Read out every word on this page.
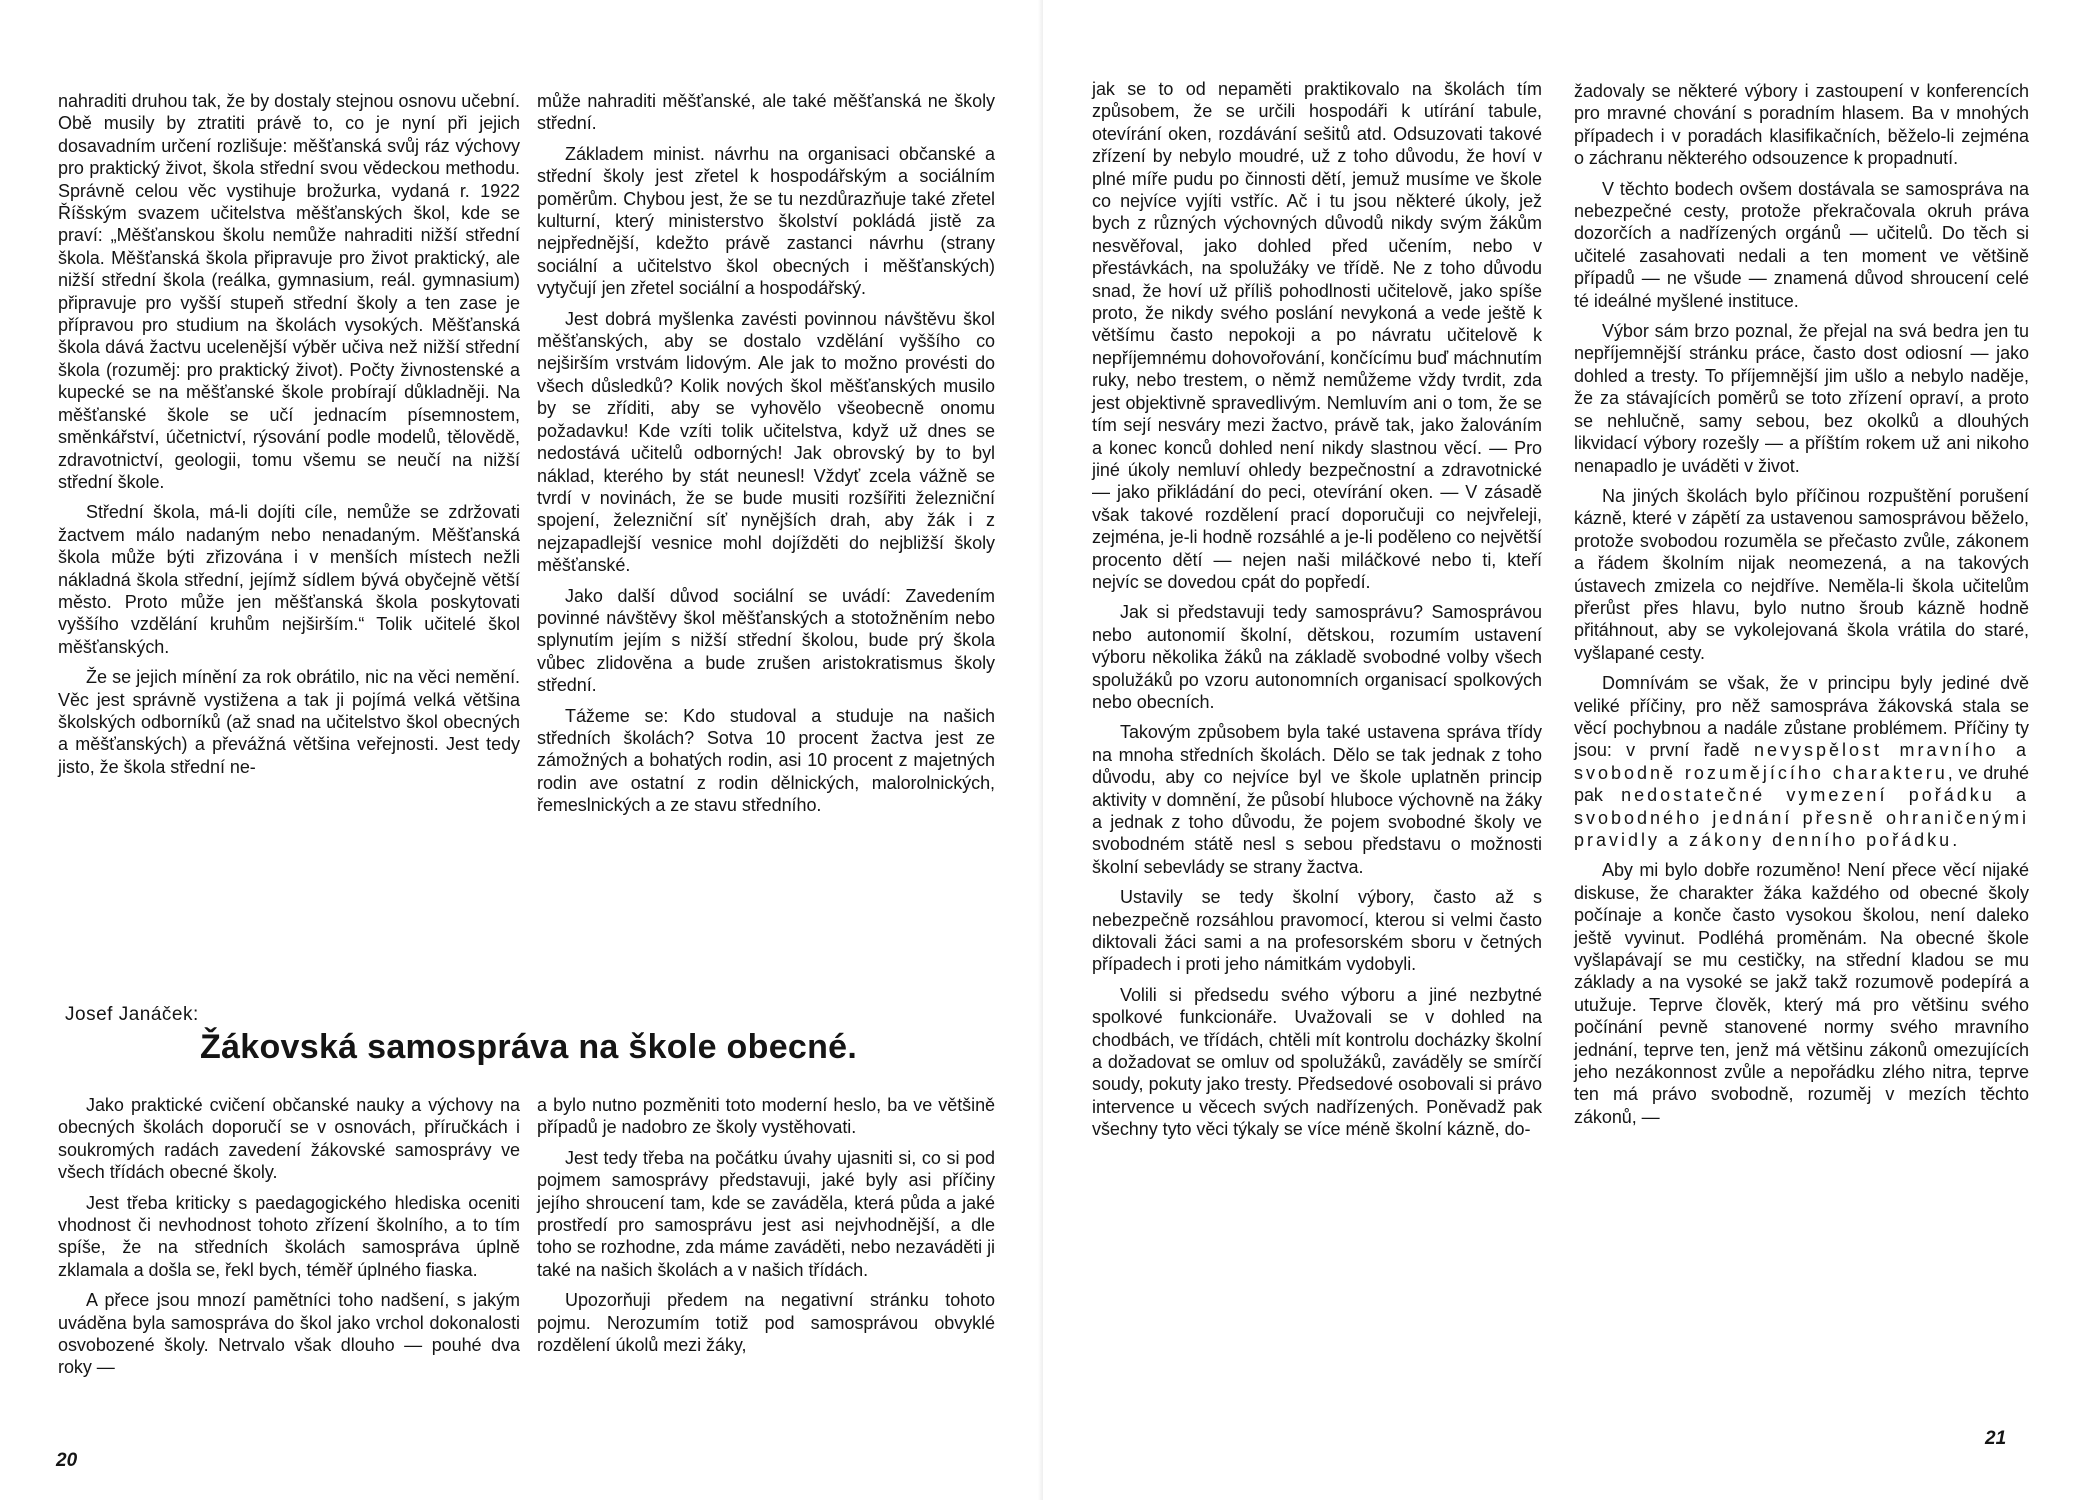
nahraditi druhou tak, že by dostaly stejnou osnovu učební. Obě musily by ztratiti právě to, co je nyní při jejich dosavadním určení rozlišuje: měšťanská svůj ráz výchovy pro praktický život, škola střední svou vědeckou methodu. Správně celou věc vystihuje brožurka, vydaná r. 1922 Říšským svazem učitelstva měšťanských škol, kde se praví: „Měšťanskou školu nemůže nahraditi nižší střední škola. Měšťanská škola připravuje pro život praktický, ale nižší střední škola (reálka, gymnasium, reál. gymnasium) připravuje pro vyšší stupeň střední školy a ten zase je přípravou pro studium na školách vysokých. Měšťanská škola dává žactvu ucelenější výběr učiva než nižší střední škola (rozuměj: pro praktický život). Počty živnostenské a kupecké se na měšťanské škole probírají důkladněji. Na měšťanské škole se učí jednacím písemnostem, směnkářství, účetnictví, rýsování podle modelů, tělovědě, zdravotnictví, geologii, tomu všemu se neučí na nižší střední škole.

Střední škola, má-li dojíti cíle, nemůže se zdržovati žactvem málo nadaným nebo nenadaným. Měšťanská škola může býti zřizována i v menších místech nežli nákladná škola střední, jejímž sídlem bývá obyčejně větší město. Proto může jen měšťanská škola poskytovati vyššího vzdělání kruhům nejširším.“ Tolik učitelé škol měšťanských.

Že se jejich mínění za rok obrátilo, nic na věci nemění. Věc jest správně vystižena a tak ji pojímá velká většina školských odborníků (až snad na učitelstvo škol obecných a měšťanských) a převážná většina veřejnosti. Jest tedy jisto, že škola střední ne-

může nahraditi měšťanské, ale také měšťanská ne školy střední.

Základem minist. návrhu na organisaci občanské a střední školy jest zřetel k hospodářským a sociálním poměrům. Chybou jest, že se tu nezdůrazňuje také zřetel kulturní, který ministerstvo školství pokládá jistě za nejpřednější, kdežto právě zastanci návrhu (strany sociální a učitelstvo škol obecných i měšťanských) vytyčují jen zřetel sociální a hospodářský.

Jest dobrá myšlenka zavésti povinnou návštěvu škol měšťanských, aby se dostalo vzdělání vyššího co nejširším vrstvám lidovým. Ale jak to možno provésti do všech důsledků? Kolik nových škol měšťanských musilo by se zříditi, aby se vyhovělo všeobecně onomu požadavku! Kde vzíti tolik učitelstva, když už dnes se nedostává učitelů odborných! Jak obrovský by to byl náklad, kterého by stát neunesl! Vždyť zcela vážně se tvrdí v novinách, že se bude musiti rozšířiti železniční spojení, železniční síť nynějších drah, aby žák i z nejzapadlejší vesnice mohl dojížděti do nejbližší školy měšťanské.

Jako další důvod sociální se uvádí: Zavedením povinné návštěvy škol měšťanských a stotožněním nebo splynutím jejím s nižší střední školou, bude prý škola vůbec zlidověna a bude zrušen aristokratismus školy střední.

Tážeme se: Kdo studoval a studuje na našich středních školách? Sotva 10 procent žactva jest ze zámožných a bohatých rodin, asi 10 procent z majetných rodin ave ostatní z rodin dělnických, malorolnických, řemeslnických a ze stavu středního.

Josef Janáček:
Žákovská samospráva na škole obecné.

Jako praktické cvičení občanské nauky a výchovy na obecných školách doporučí se v osnovách, příručkách i soukromých radách zavedení žákovské samosprávy ve všech třídách obecné školy.

Jest třeba kriticky s paedagogického hlediska oceniti vhodnost či nevhodnost tohoto zřízení školního, a to tím spíše, že na středních školách samospráva úplně zklamala a došla se, řekl bych, téměř úplného fiaska.

A přece jsou mnozí pamětníci toho nadšení, s jakým uváděna byla samospráva do škol jako vrchol dokonalosti osvobozené školy. Netrvalo však dlouho — pouhé dva roky —

a bylo nutno pozměniti toto moderní heslo, ba ve většině případů je nadobro ze školy vystěhovati.

Jest tedy třeba na počátku úvahy ujasniti si, co si pod pojmem samosprávy představuji, jaké byly asi příčiny jejího shroucení tam, kde se zaváděla, která půda a jaké prostředí pro samosprávu jest asi nejvhodnější, a dle toho se rozhodne, zda máme zaváděti, nebo nezaváděti ji také na našich školách a v našich třídách.

Upozorňuji předem na negativní stránku tohoto pojmu. Nerozumím totiž pod samosprávou obvyklé rozdělení úkolů mezi žáky,

20

jak se to od nepaměti praktikovalo na školách tím způsobem, že se určili hospodáři k utírání tabule, otevírání oken, rozdávání sešitů atd. Odsuzovati takové zřízení by nebylo moudré, už z toho důvodu, že hoví v plné míře pudu po činnosti dětí, jemuž musíme ve škole co nejvíce vyjíti vstříc. Ač i tu jsou některé úkoly, jež bych z různých výchovných důvodů nikdy svým žákům nesvěřoval, jako dohled před učením, nebo v přestávkách, na spolužáky ve třídě. Ne z toho důvodu snad, že hoví už příliš pohodlnosti učitelově, jako spíše proto, že nikdy svého poslání nevykoná a vede ještě k většímu často nepokoji a po návratu učitelově k nepříjemnému dohovořování, končícímu buď máchnutím ruky, nebo trestem, o němž nemůžeme vždy tvrdit, zda jest objektivně spravedlivým. Nemluvím ani o tom, že se tím sejí nesváry mezi žactvo, právě tak, jako žalováním a konec konců dohled není nikdy slastnou věcí. — Pro jiné úkoly nemluví ohledy bezpečnostní a zdravotnické — jako přikládání do peci, otevírání oken. — V zásadě však takové rozdělení prací doporučuji co nejvřeleji, zejména, je-li hodně rozsáhlé a je-li poděleno co největší procento dětí — nejen naši miláčkové nebo ti, kteří nejvíc se dovedou cpát do popředí.

Jak si představuji tedy samosprávu? Samosprávou nebo autonomií školní, dětskou, rozumím ustavení výboru několika žáků na základě svobodné volby všech spolužáků po vzoru autonomních organisací spolkových nebo obecních.

Takovým způsobem byla také ustavena správa třídy na mnoha středních školách. Dělo se tak jednak z toho důvodu, aby co nejvíce byl ve škole uplatněn princip aktivity v domnění, že působí hluboce výchovně na žáky a jednak z toho důvodu, že pojem svobodné školy ve svobodném státě nesl s sebou představu o možnosti školní sebevlády se strany žactva.

Ustavily se tedy školní výbory, často až s nebezpečně rozsáhlou pravomocí, kterou si velmi často diktovali žáci sami a na profesorském sboru v četných případech i proti jeho námitkám vydobyli.

Volili si předsedu svého výboru a jiné nezbytné spolkové funkcionáře. Uvažovali se v dohled na chodbách, ve třídách, chtěli mít kontrolu docházky školní a dožadovat se omluv od spolužáků, zaváděly se smírčí soudy, pokuty jako tresty. Předsedové osobovali si právo intervence u věcech svých nadřízených. Poněvadž pak všechny tyto věci týkaly se více méně školní kázně, do-

žadovaly se některé výbory i zastoupení v konferencích pro mravné chování s poradním hlasem. Ba v mnohých případech i v poradách klasifikačních, běželo-li zejména o záchranu některého odsouzence k propadnutí.

V těchto bodech ovšem dostávala se samospráva na nebezpečné cesty, protože překračovala okruh práva dozorčích a nadřízených orgánů — učitelů. Do těch si učitelé zasahovati nedali a ten moment ve většině případů — ne všude — znamená důvod shroucení celé té ideálné myšlené instituce.

Výbor sám brzo poznal, že přejal na svá bedra jen tu nepříjemnější stránku práce, často dost odiosní — jako dohled a tresty. To příjemnější jim ušlo a nebylo naděje, že za stávajících poměrů se toto zřízení opraví, a proto se nehlučně, samy sebou, bez okolků a dlouhých likvidací výbory rozešly — a příštím rokem už ani nikoho nenapadlo je uváděti v život.

Na jiných školách bylo příčinou rozpuštění porušení kázně, které v zápětí za ustavenou samosprávou běželo, protože svobodou rozuměla se přečasto zvůle, zákonem a řádem školním nijak neomezená, a na takových ústavech zmizela co nejdříve. Neměla-li škola učitelům přerůst přes hlavu, bylo nutno šroub kázně hodně přitáhnout, aby se vykolejovaná škola vrátila do staré, vyšlapané cesty.

Domnívám se však, že v principu byly jediné dvě veliké příčiny, pro něž samospráva žákovská stala se věcí pochybnou a nadále zůstane problémem. Příčiny ty jsou: v první řadě nevyspělost mravního a svobodně rozumějícího charakteru, ve druhé pak nedostatečné vymezení pořádku a svobodného jednání přesně ohraničenými pravidly a zákony denního pořádku.

Aby mi bylo dobře rozuměno! Není přece věcí nijaké diskuse, že charakter žáka každého od obecné školy počínaje a konče často vysokou školou, není daleko ještě vyvinut. Podléhá proměnám. Na obecné škole vyšlapávají se mu cestičky, na střední kladou se mu základy a na vysoké se jakž takž rozumově podepírá a utužuje. Teprve člověk, který má pro většinu svého počínání pevně stanovené normy svého mravního jednání, teprve ten, jenž má většinu zákonů omezujících jeho nezákonnost zvůle a nepořádku zlého nitra, teprve ten má právo svobodně, rozuměj v mezích těchto zákonů, —

21
